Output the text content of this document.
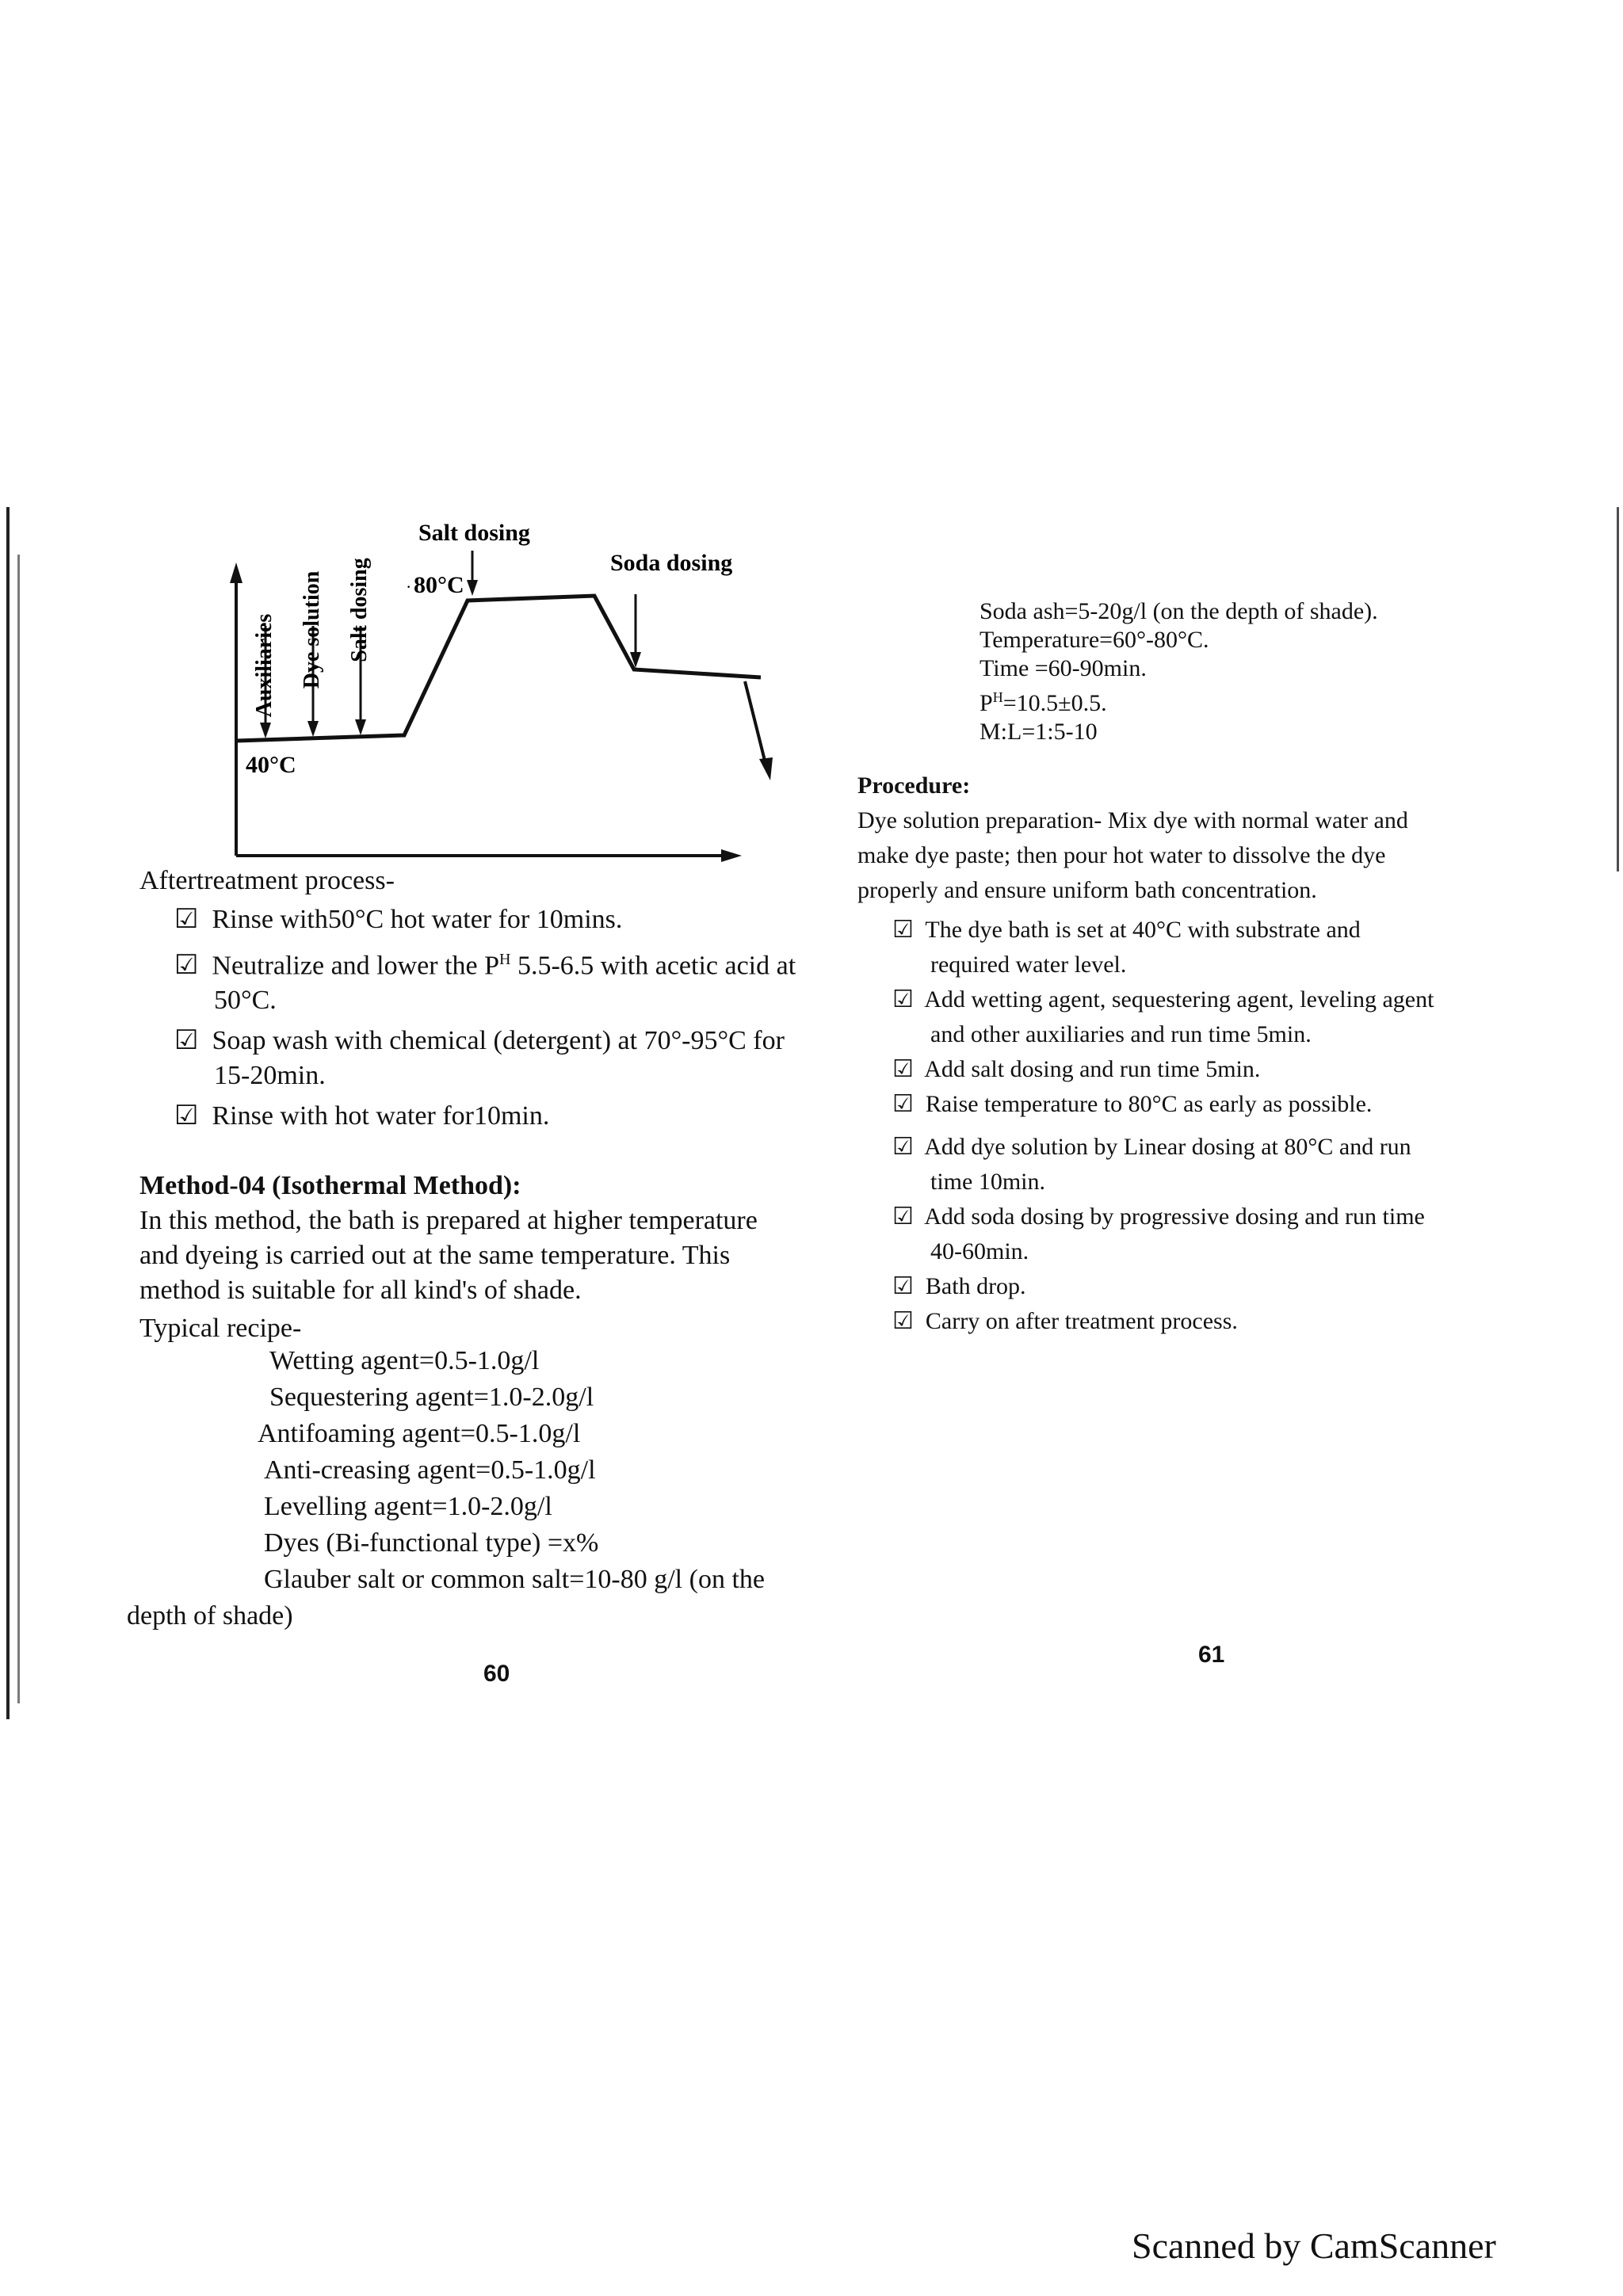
Auxiliaries Dye solution Salt dosing
Salt dosing
· 80°C
Soda dosing
40°C
Aftertreatment process-
☑   Rinse with50°C hot water for 10mins.
☑   Neutralize and lower the $P^H$ 5.5-6.5 with acetic acid at
50°C.
☑   Soap wash with chemical (detergent) at 70°-95°C for
15-20min.
☑   Rinse with hot water for10min.
Method-04 (Isothermal Method):
In this method, the bath is prepared at higher temperature
and dyeing is carried out at the same temperature. This
method is suitable for all kind's of shade.
Typical recipe-
Wetting agent=0.5-1.0g/l
Sequestering agent=1.0-2.0g/l
Antifoaming agent=0.5-1.0g/l
Anti-creasing agent=0.5-1.0g/l
Levelling agent=1.0-2.0g/l
Dyes (Bi-functional type) =x%
Glauber salt or common salt=10-80 g/l (on the
depth of shade)
Soda ash=5-20g/l (on the depth of shade).
Temperature=60°-80°C.
Time =60-90min.
$P^H=10.5\pm 0.5$.
M:L=1:5-10
Procedure:
Dye solution preparation- Mix dye with normal water and
make dye paste; then pour hot water to dissolve the dye
properly and ensure uniform bath concentration.
☑   The dye bath is set at 40°C with substrate and
required water level.
☑   Add wetting agent, sequestering agent, leveling agent
and other auxiliaries and run time 5min.
☑   Add salt dosing and run time 5min.
☑   Raise temperature to 80°C as early as possible.
☑   Add dye solution by Linear dosing at 80°C and run
time 10min.
☑   Add soda dosing by progressive dosing and run time
40-60min.
☑   Bath drop.
☑   Carry on after treatment process.
60
61
Scanned by CamScanner
